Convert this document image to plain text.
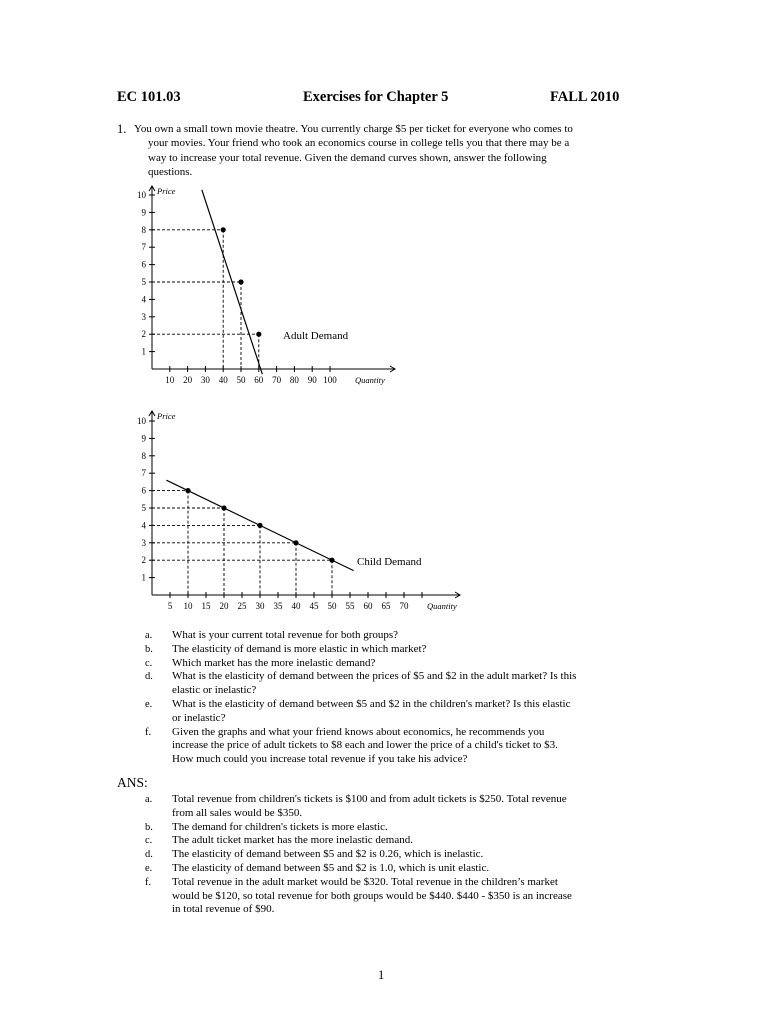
EC 101.03	Exercises for Chapter 5	FALL 2010
1. You own a small town movie theatre. You currently charge $5 per ticket for everyone who comes to

your movies. Your friend who took an economics course in college tells you that there may be a

way to increase your total revenue. Given the demand curves shown, answer the following

questions.

1
2
3
4
5
6
7
8
9
10
10 20 30 40 50 60 70 80 90 100
Price
Quantity
Adult Demand
1
2
3
4
5
6
7
8
9
10
5 10 15 20 25 30 35 40 45 50 55 60 65 70
Price
Quantity
Child Demand
a. What is your current total revenue for both groups?
b. The elasticity of demand is more elastic in which market?
c. Which market has the more inelastic demand?
d. What is the elasticity of demand between the prices of $5 and $2 in the adult market? Is this
elastic or inelastic?
e. What is the elasticity of demand between $5 and $2 in the children's market? Is this elastic
or inelastic?
f. Given the graphs and what your friend knows about economics, he recommends you
increase the price of adult tickets to $8 each and lower the price of a child's ticket to $3.
How much could you increase total revenue if you take his advice?
ANS:
a. Total revenue from children's tickets is $100 and from adult tickets is $250. Total revenue
from all sales would be $350.
b. The demand for children's tickets is more elastic.
c. The adult ticket market has the more inelastic demand.
d. The elasticity of demand between $5 and $2 is 0.26, which is inelastic.
e. The elasticity of demand between $5 and $2 is 1.0, which is unit elastic.
f. Total revenue in the adult market would be $320. Total revenue in the children’s market
would be $120, so total revenue for both groups would be $440. $440 - $350 is an increase
in total revenue of $90.
1
